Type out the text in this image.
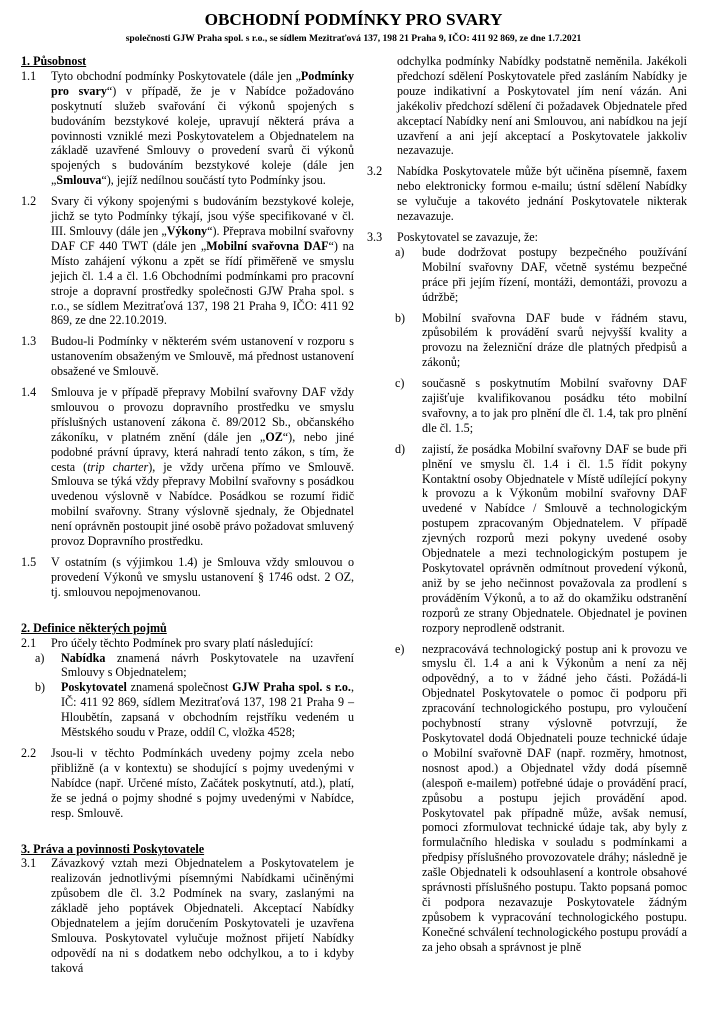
OBCHODNÍ PODMÍNKY PRO SVARY
společnosti GJW Praha spol. s r.o., se sídlem Mezitraťová 137, 198 21 Praha 9, IČO: 411 92 869, ze dne 1.7.2021

1. Působnost

1.1	Tyto obchodní podmínky Poskytovatele (dále jen „Podmínky pro svary“) v případě, že je v Nabídce požadováno poskytnutí služeb svařování či výkonů spojených s budováním bezstykové koleje, upravují některá práva a povinnosti vzniklé mezi Poskytovatelem a Objednatelem na základě uzavřené Smlouvy o provedení svarů či výkonů spojených s budováním bezstykové koleje (dále jen „Smlouva“), jejíž nedílnou součástí tyto Podmínky jsou.
1.2	Svary či výkony spojenými s budováním bezstykové koleje, jichž se tyto Podmínky týkají, jsou výše specifikované v čl. III. Smlouvy (dále jen „Výkony“). Přeprava mobilní svařovny DAF CF 440 TWT (dále jen „Mobilní svařovna DAF“) na Místo zahájení výkonu a zpět se řídí přiměřeně ve smyslu jejich čl. 1.4 a čl. 1.6 Obchodními podmínkami pro pracovní stroje a dopravní prostředky společnosti GJW Praha spol. s r.o., se sídlem Mezitraťová 137, 198 21 Praha 9, IČO: 411 92 869, ze dne 22.10.2019.
1.3	Budou-li Podmínky v některém svém ustanovení v rozporu s ustanovením obsaženým ve Smlouvě, má přednost ustanovení obsažené ve Smlouvě.
1.4	Smlouva je v případě přepravy Mobilní svařovny DAF vždy smlouvou o provozu dopravního prostředku ve smyslu příslušných ustanovení zákona č. 89/2012 Sb., občanského zákoníku, v platném znění (dále jen „OZ“), nebo jiné podobné právní úpravy, která nahradí tento zákon, s tím, že cesta (trip charter), je vždy určena přímo ve Smlouvě. Smlouva se týká vždy přepravy Mobilní svařovny s posádkou uvedenou výslovně v Nabídce. Posádkou se rozumí řidič mobilní svařovny. Strany výslovně sjednaly, že Objednatel není oprávněn postoupit jiné osobě právo požadovat smluvený provoz Dopravního prostředku.
1.5	V ostatním (s výjimkou 1.4) je Smlouva vždy smlouvou o provedení Výkonů ve smyslu ustanovení § 1746 odst. 2 OZ, tj. smlouvou nepojmenovanou.

2. Definice některých pojmů

2.1	Pro účely těchto Podmínek pro svary platí následující:
a)	Nabídka znamená návrh Poskytovatele na uzavření Smlouvy s Objednatelem;
b)	Poskytovatel znamená společnost GJW Praha spol. s r.o., IČ: 411 92 869, sídlem Mezitraťová 137, 198 21 Praha 9 – Hloubětín, zapsaná v obchodním rejstříku vedeném u Městského soudu v Praze, oddíl C, vložka 4528;
2.2	Jsou-li v těchto Podmínkách uvedeny pojmy zcela nebo přibližně (a v kontextu) se shodující s pojmy uvedenými v Nabídce (např. Určené místo, Začátek poskytnutí, atd.), platí, že se jedná o pojmy shodné s pojmy uvedenými v Nabídce, resp. Smlouvě.

3. Práva a povinnosti Poskytovatele

3.1	Závazkový vztah mezi Objednatelem a Poskytovatelem je realizován jednotlivými písemnými Nabídkami učiněnými způsobem dle čl. 3.2 Podmínek na svary, zaslanými na základě jeho poptávek Objednateli. Akceptací Nabídky Objednatelem a jejím doručením Poskytovateli je uzavřena Smlouva. Poskytovatel vylučuje možnost přijetí Nabídky odpovědí na ni s dodatkem nebo odchylkou, a to i kdyby taková
odchylka podmínky Nabídky podstatně neměnila. Jakékoli předchozí sdělení Poskytovatele před zasláním Nabídky je pouze indikativní a Poskytovatel jím není vázán. Ani jakékoliv předchozí sdělení či požadavek Objednatele před akceptací Nabídky není ani Smlouvou, ani nabídkou na její uzavření a ani její akceptací a Poskytovatele jakkoliv nezavazuje.
3.2	Nabídka Poskytovatele může být učiněna písemně, faxem nebo elektronicky formou e-mailu; ústní sdělení Nabídky se vylučuje a takovéto jednání Poskytovatele nikterak nezavazuje.
3.3	Poskytovatel se zavazuje, že:
a)	bude dodržovat postupy bezpečného používání Mobilní svařovny DAF, včetně systému bezpečné práce při jejím řízení, montáži, demontáži, provozu a údržbě;
b)	Mobilní svařovna DAF bude v řádném stavu, způsobilém k provádění svarů nejvyšší kvality a provozu na železniční dráze dle platných předpisů a zákonů;
c)	současně s poskytnutím Mobilní svařovny DAF zajišťuje kvalifikovanou posádku této mobilní svařovny, a to jak pro plnění dle čl. 1.4, tak pro plnění dle čl. 1.5;
d)	zajistí, že posádka Mobilní svařovny DAF se bude při plnění ve smyslu čl. 1.4 i čl. 1.5 řídit pokyny Kontaktní osoby Objednatele v Místě udílející pokyny k provozu a k Výkonům mobilní svařovny DAF uvedené v Nabídce / Smlouvě a technologickým postupem zpracovaným Objednatelem. V případě zjevných rozporů mezi pokyny uvedené osoby Objednatele a mezi technologickým postupem je Poskytovatel oprávněn odmítnout provedení výkonů, aniž by se jeho nečinnost považovala za prodlení s prováděním Výkonů, a to až do okamžiku odstranění rozporů ze strany Objednatele. Objednatel je povinen rozpory neprodleně odstranit.
e)	nezpracovává technologický postup ani k provozu ve smyslu čl. 1.4 a ani k Výkonům a není za něj odpovědný, a to v žádné jeho části. Požádá-li Objednatel Poskytovatele o pomoc či podporu při zpracování technologického postupu, pro vyloučení pochybností strany výslovně potvrzují, že Poskytovatel dodá Objednateli pouze technické údaje o Mobilní svařovně DAF (např. rozměry, hmotnost, nosnost apod.) a Objednatel vždy dodá písemně (alespoň e-mailem) potřebné údaje o provádění prací, způsobu a postupu jejich provádění apod. Poskytovatel pak případně může, avšak nemusí, pomoci zformulovat technické údaje tak, aby byly z formulačního hlediska v souladu s podmínkami a předpisy příslušného provozovatele dráhy; následně je zašle Objednateli k odsouhlasení a kontrole obsahové správnosti příslušného postupu. Takto popsaná pomoc či podpora nezavazuje Poskytovatele žádným způsobem k vypracování technologického postupu. Konečné schválení technologického postupu provádí a za jeho obsah a správnost je plně
